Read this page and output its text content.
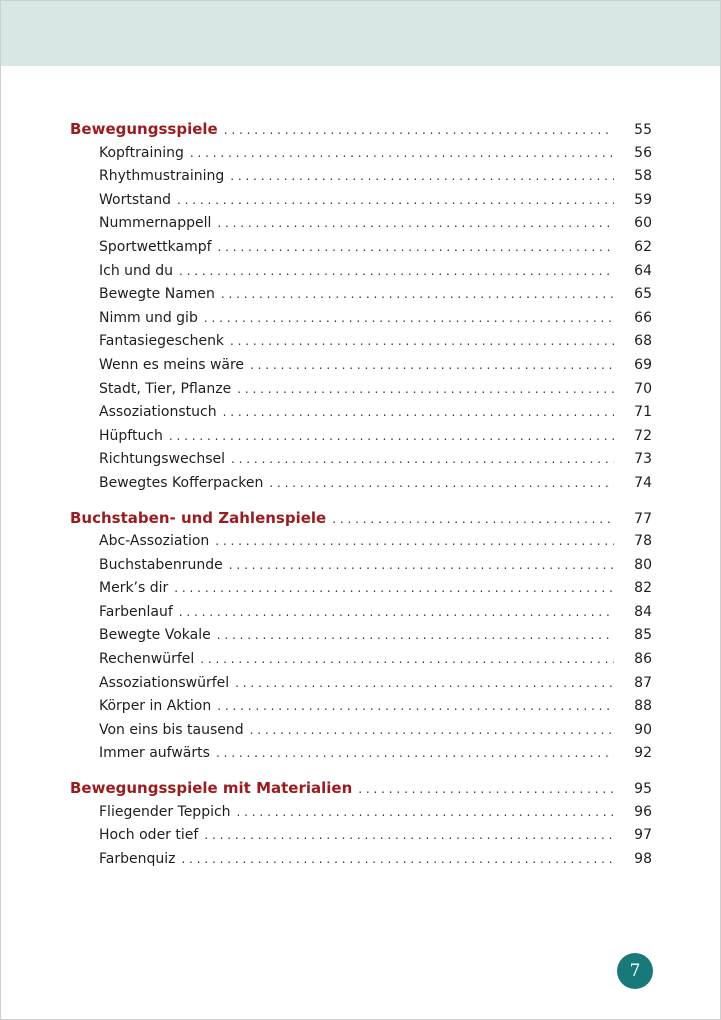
Bewegungsspiele . . .	55
Kopftraining . . .	56
Rhythmustraining . . .	58
Wortstand . . .	59
Nummernappell . . .	60
Sportwettkampf . . .	62
Ich und du . . .	64
Bewegte Namen . . .	65
Nimm und gib . . .	66
Fantasiegeschenk . . .	68
Wenn es meins wäre . . .	69
Stadt, Tier, Pflanze . . .	70
Assoziationstuch . . .	71
Hüpftuch . . .	72
Richtungswechsel . . .	73
Bewegtes Kofferpacken . . .	74
Buchstaben- und Zahlenspiele . . .	77
Abc-Assoziation . . .	78
Buchstabenrunde . . .	80
Merk’s dir . . .	82
Farbenlauf . . .	84
Bewegte Vokale . . .	85
Rechenwürfel . . .	86
Assoziationswürfel . . .	87
Körper in Aktion . . .	88
Von eins bis tausend . . .	90
Immer aufwärts . . .	92
Bewegungsspiele mit Materialien . . .	95
Fliegender Teppich . . .	96
Hoch oder tief . . .	97
Farbenquiz . . .	98
7
